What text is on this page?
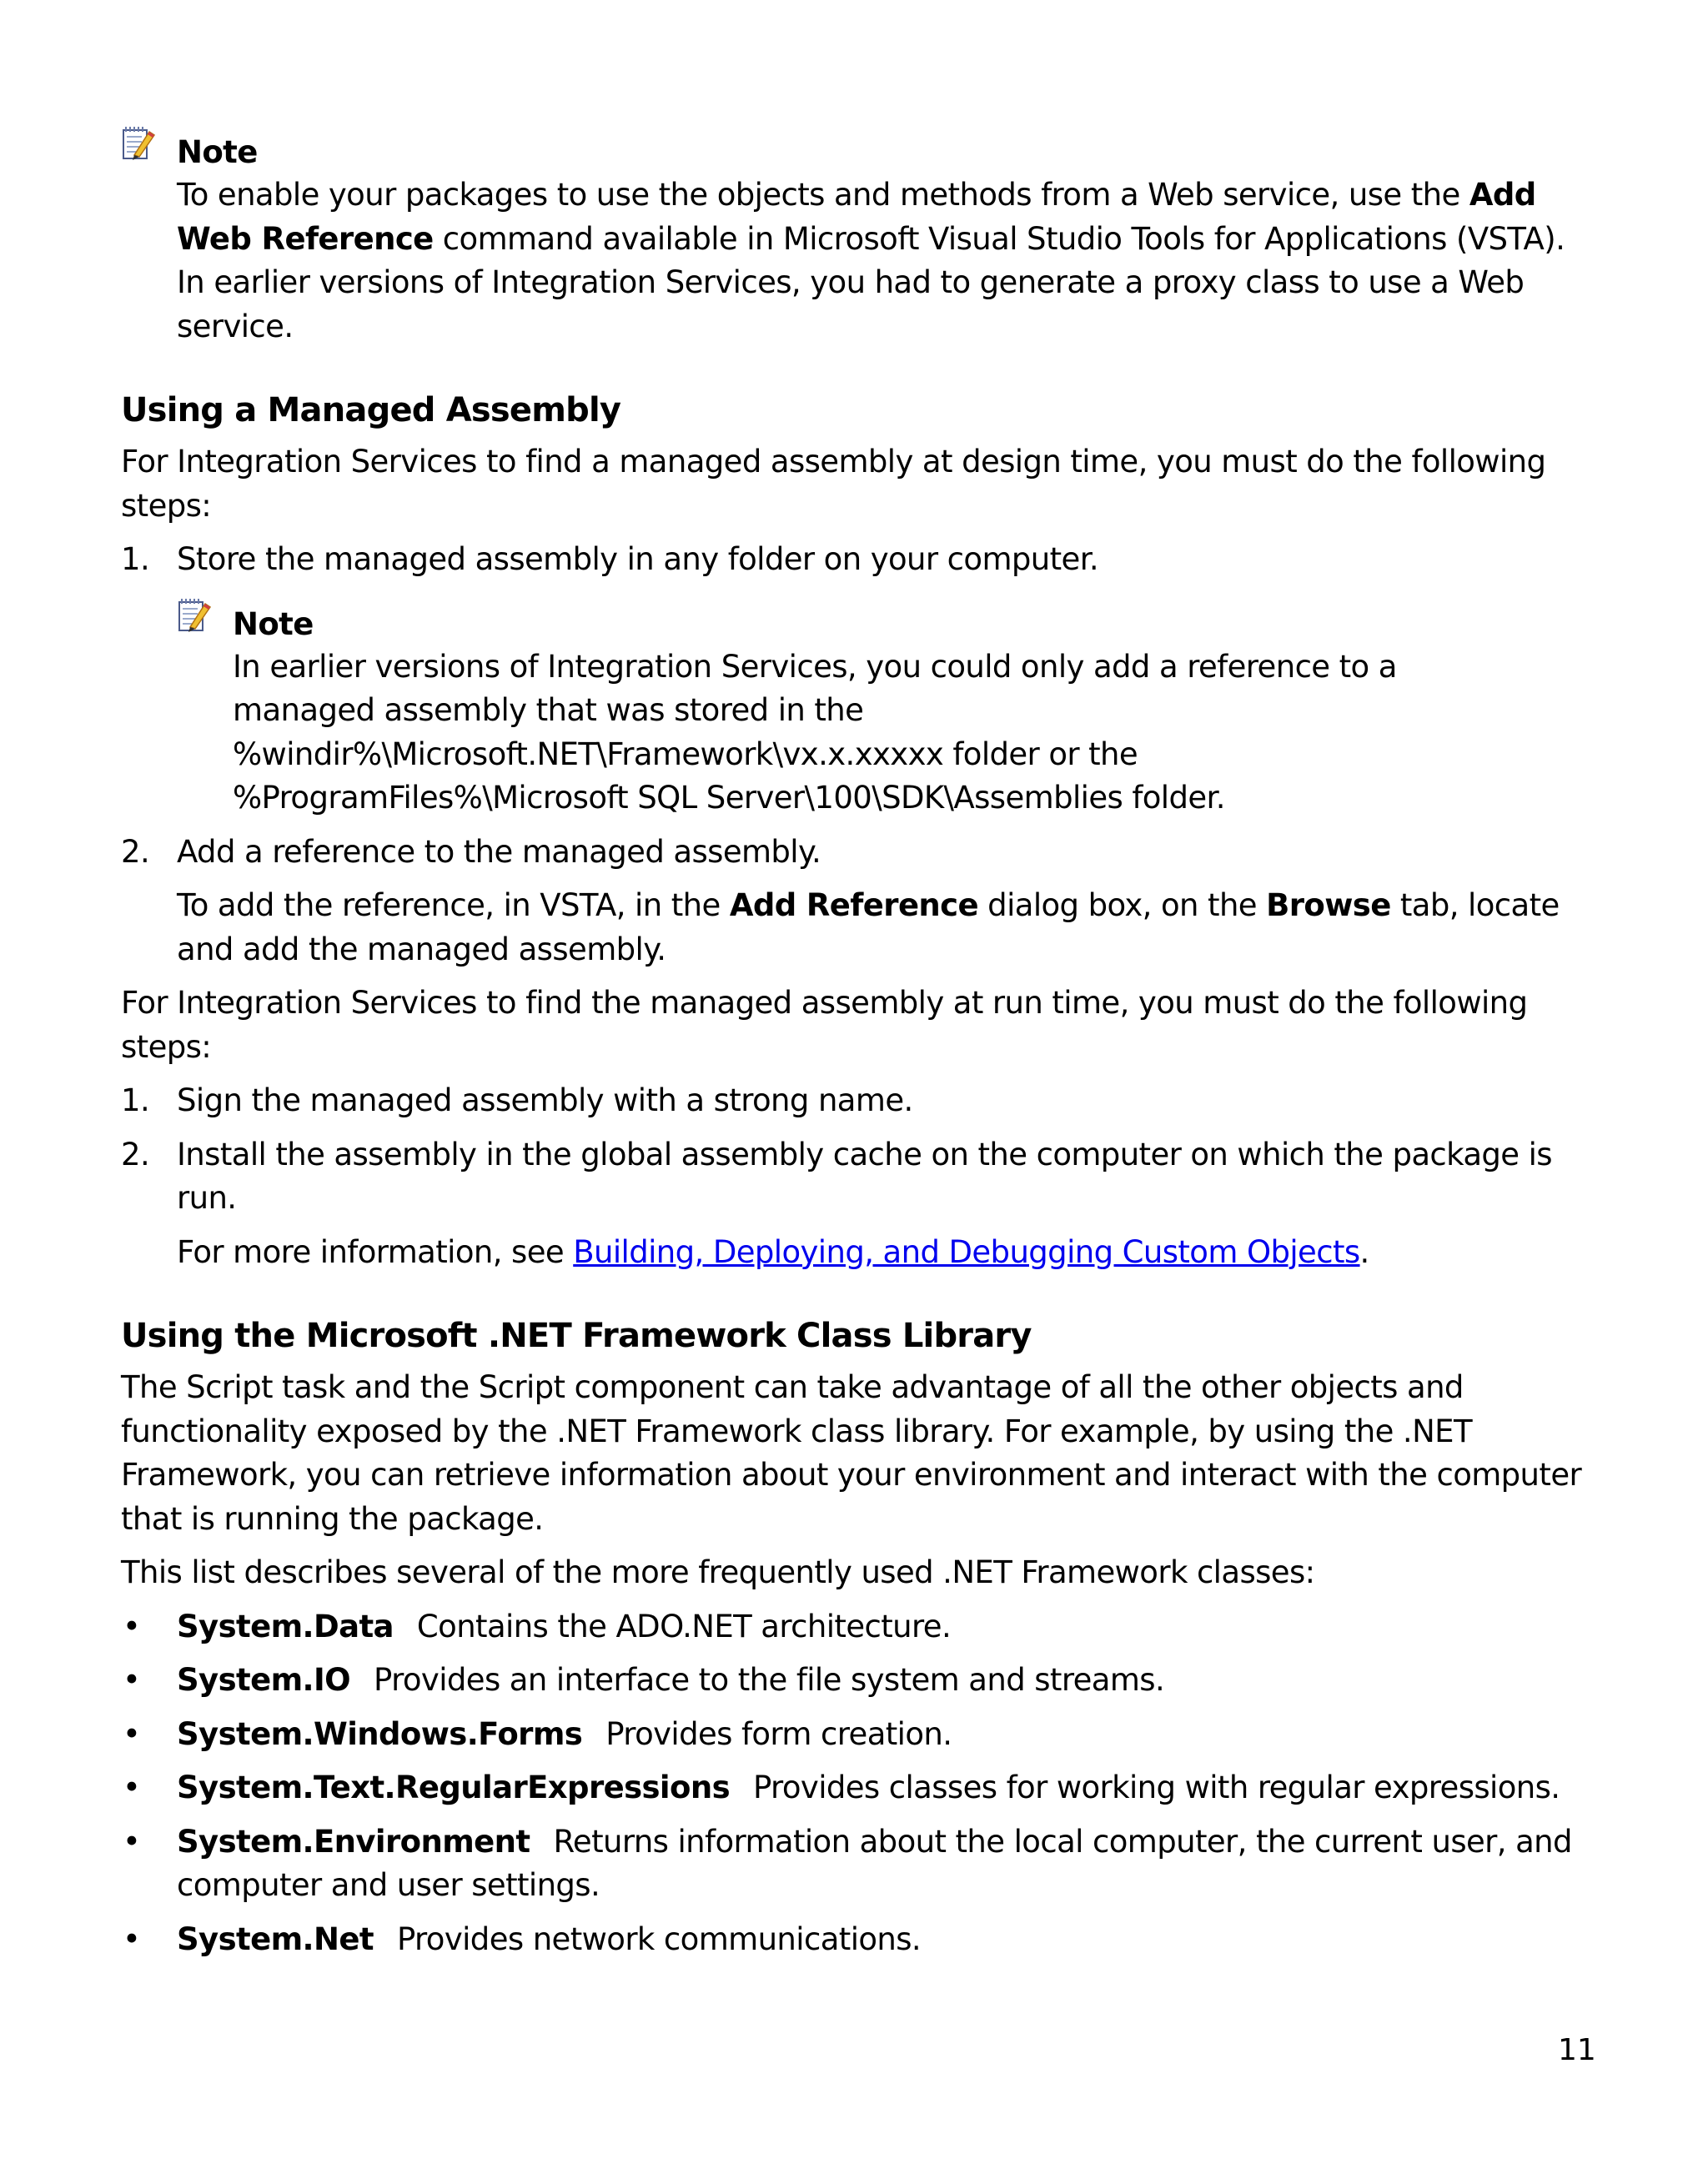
Note

To enable your packages to use the objects and methods from a Web service, use the Add Web Reference command available in Microsoft Visual Studio Tools for Applications (VSTA). In earlier versions of Integration Services, you had to generate a proxy class to use a Web service.

Using a Managed Assembly

For Integration Services to find a managed assembly at design time, you must do the following steps:

1. Store the managed assembly in any folder on your computer.
Note

In earlier versions of Integration Services, you could only add a reference to a managed assembly that was stored in the

%windir%\Microsoft.NET\Framework\vx.x.xxxxx folder or the

%ProgramFiles%\Microsoft SQL Server\100\SDK\Assemblies folder.

2. Add a reference to the managed assembly.

To add the reference, in VSTA, in the Add Reference dialog box, on the Browse tab, locate and add the managed assembly.

For Integration Services to find the managed assembly at run time, you must do the following steps:

1. Sign the managed assembly with a strong name.
2. Install the assembly in the global assembly cache on the computer on which the package is run.

For more information, see Building, Deploying, and Debugging Custom Objects.

Using the Microsoft .NET Framework Class Library

The Script task and the Script component can take advantage of all the other objects and functionality exposed by the .NET Framework class library. For example, by using the .NET Framework, you can retrieve information about your environment and interact with the computer that is running the package.

This list describes several of the more frequently used .NET Framework classes:

• System.Data Contains the ADO.NET architecture.
• System.IO Provides an interface to the file system and streams.
• System.Windows.Forms Provides form creation.
• System.Text.RegularExpressions Provides classes for working with regular expressions.
• System.Environment Returns information about the local computer, the current user, and computer and user settings.
• System.Net Provides network communications.
11
